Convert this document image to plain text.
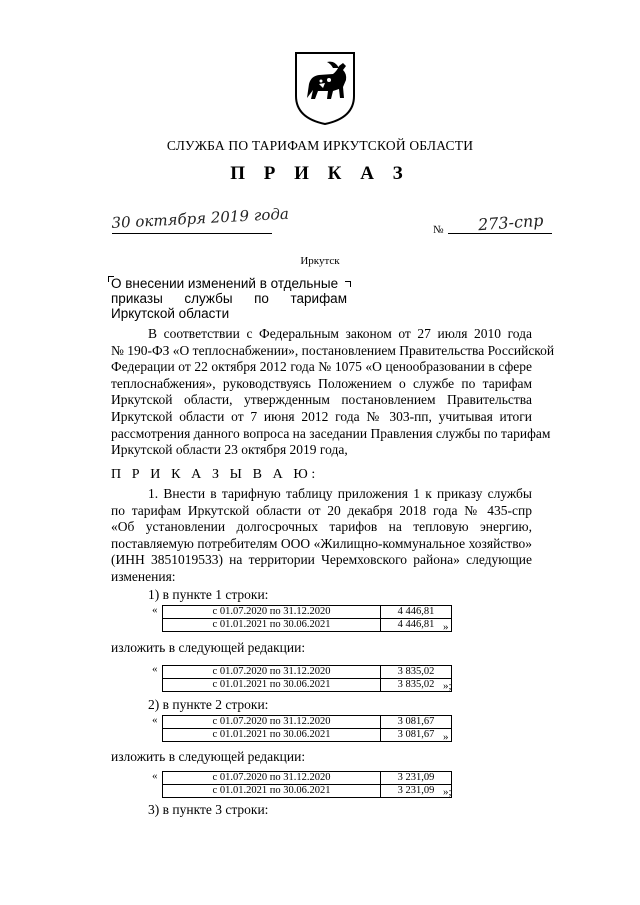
СЛУЖБА ПО ТАРИФАМ ИРКУТСКОЙ ОБЛАСТИ
П Р И К А З
30 октября 2019 года	№ 273-спр
Иркутск
О внесении изменений в отдельные
приказы службы по тарифам
Иркутской области
В соответствии с Федеральным законом от 27 июля 2010 года
№ 190-ФЗ «О теплоснабжении», постановлением Правительства Российской
Федерации от 22 октября 2012 года № 1075 «О ценообразовании в сфере
теплоснабжения», руководствуясь Положением о службе по тарифам
Иркутской области, утвержденным постановлением Правительства
Иркутской области от 7 июня 2012 года № 303-пп, учитывая итоги
рассмотрения данного вопроса на заседании Правления службы по тарифам
Иркутской области 23 октября 2019 года,
П Р И К А З Ы В А Ю:
1. Внести в тарифную таблицу приложения 1 к приказу службы
по тарифам Иркутской области от 20 декабря 2018 года № 435-спр
«Об установлении долгосрочных тарифов на тепловую энергию,
поставляемую потребителям ООО «Жилищно-коммунальное хозяйство»
(ИНН 3851019533) на территории Черемховского района» следующие
изменения:
1) в пункте 1 строки:
«	с 01.07.2020 по 31.12.2020	4 446,81
с 01.01.2021 по 30.06.2021	4 446,81 »
изложить в следующей редакции:
«	с 01.07.2020 по 31.12.2020	3 835,02
с 01.01.2021 по 30.06.2021	3 835,02 »;
2) в пункте 2 строки:
«	с 01.07.2020 по 31.12.2020	3 081,67
с 01.01.2021 по 30.06.2021	3 081,67 »
изложить в следующей редакции:
«	с 01.07.2020 по 31.12.2020	3 231,09
с 01.01.2021 по 30.06.2021	3 231,09 »;
3) в пункте 3 строки:
